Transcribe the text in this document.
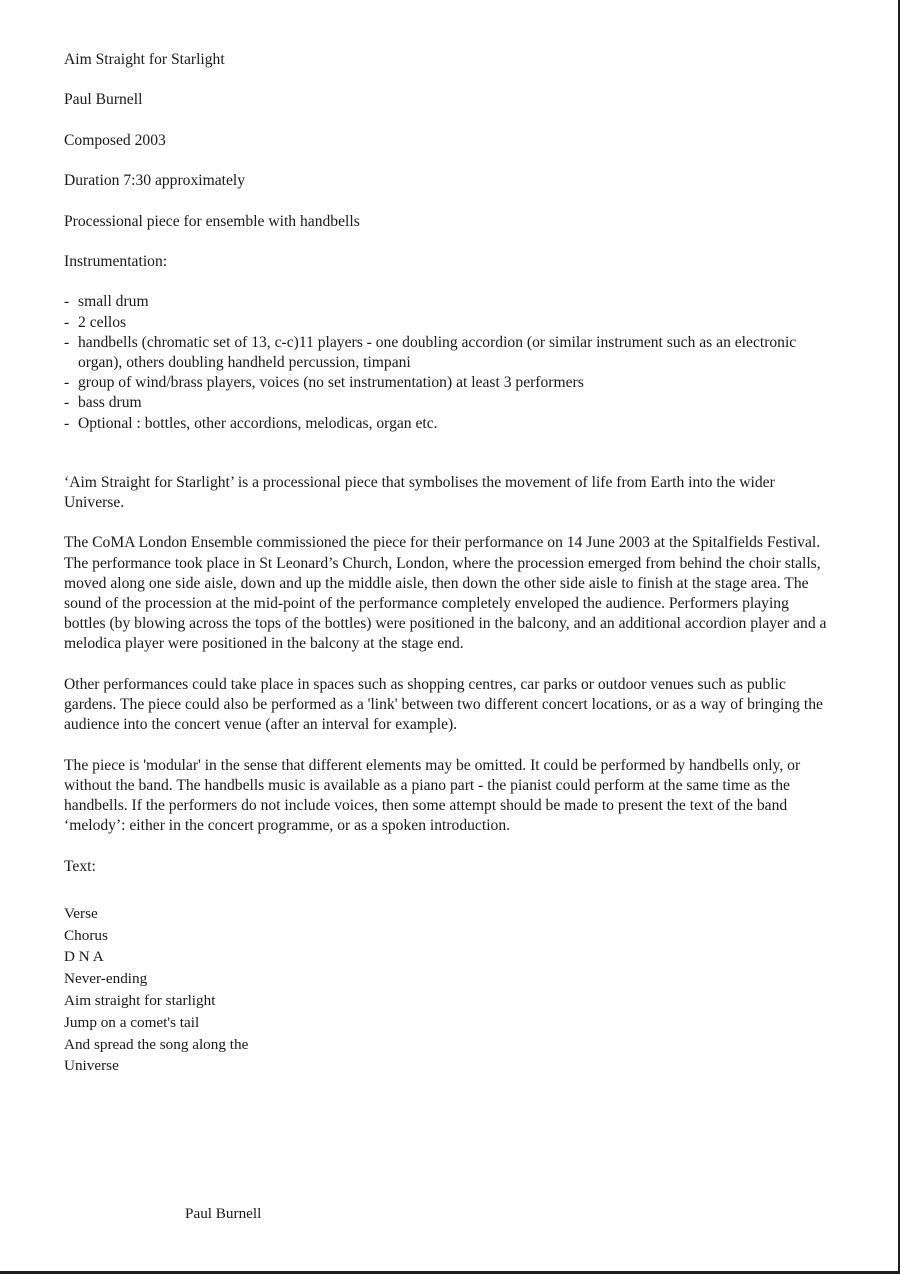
Aim Straight for Starlight

Paul Burnell

Composed 2003

Duration 7:30 approximately

Processional piece for ensemble with handbells

Instrumentation:

- small drum
- 2 cellos
- handbells (chromatic set of 13, c-c)11 players - one doubling accordion (or similar instrument such as an electronic organ), others doubling handheld percussion, timpani
- group of wind/brass players, voices (no set instrumentation) at least 3 performers
- bass drum
- Optional : bottles, other accordions, melodicas, organ etc.

‘Aim Straight for Starlight’ is a processional piece that symbolises the movement of life from Earth into the wider Universe.

The CoMA London Ensemble commissioned the piece for their performance on 14 June 2003 at the Spitalfields Festival. The performance took place in St Leonard’s Church, London, where the procession emerged from behind the choir stalls, moved along one side aisle, down and up the middle aisle, then down the other side aisle to finish at the stage area. The sound of the procession at the mid-point of the performance completely enveloped the audience. Performers playing bottles (by blowing across the tops of the bottles) were positioned in the balcony, and an additional accordion player and a melodica player were positioned in the balcony at the stage end.

Other performances could take place in spaces such as shopping centres, car parks or outdoor venues such as public gardens. The piece could also be performed as a 'link' between two different concert locations, or as a way of bringing the audience into the concert venue (after an interval for example).

The piece is 'modular' in the sense that different elements may be omitted. It could be performed by handbells only, or without the band. The handbells music is available as a piano part - the pianist could perform at the same time as the handbells. If the performers do not include voices, then some attempt should be made to present the text of the band ‘melody’: either in the concert programme, or as a spoken introduction.

Text:

Verse
Chorus
D N A
Never-ending
Aim straight for starlight
Jump on a comet's tail
And spread the song along the
Universe

Paul Burnell
